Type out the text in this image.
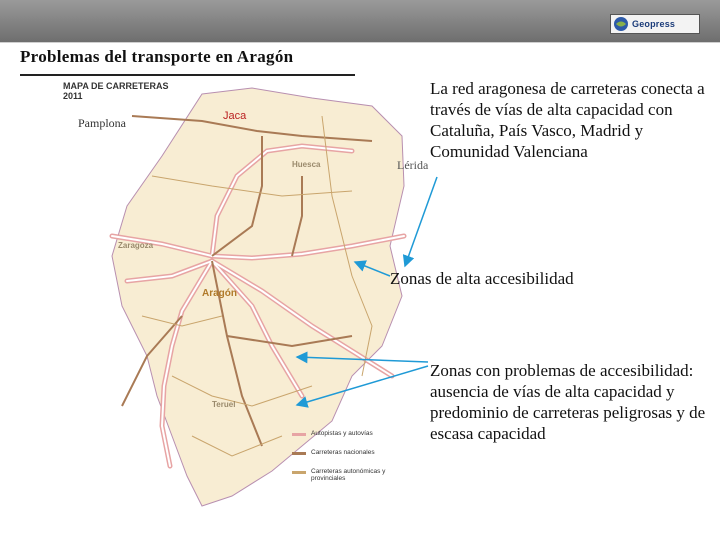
Geopress
Problemas del transporte en Aragón
MAPA DE CARRETERAS
2011
Huesca
Zaragoza
Aragón
Teruel
Autopistas y autovías
Carreteras nacionales
Carreteras autonómicas y provinciales
Pamplona	Jaca
Lérida
La red aragonesa de carreteras conecta a través de vías de alta capacidad con Cataluña, País Vasco, Madrid y Comunidad Valenciana
Zonas de alta accesibilidad
Zonas con problemas de accesibilidad: ausencia de vías de alta capacidad y predominio de carreteras peligrosas y de escasa capacidad
